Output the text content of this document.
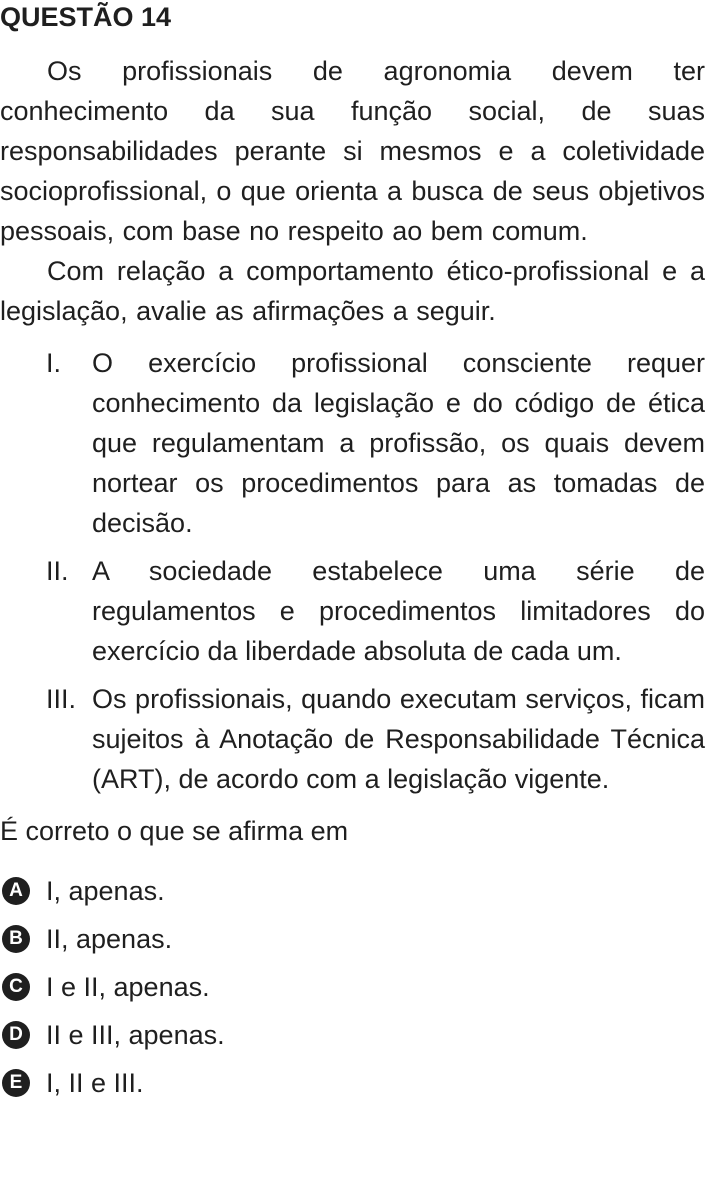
QUESTÃO 14

Os profissionais de agronomia devem ter conhecimento da sua função social, de suas responsabilidades perante si mesmos e a coletividade socioprofissional, o que orienta a busca de seus objetivos pessoais, com base no respeito ao bem comum.

Com relação a comportamento ético-profissional e a legislação, avalie as afirmações a seguir.

I.	O exercício profissional consciente requer conhecimento da legislação e do código de ética que regulamentam a profissão, os quais devem nortear os procedimentos para as tomadas de decisão.
II. A sociedade estabelece uma série de regulamentos e procedimentos limitadores do exercício da liberdade absoluta de cada um.
III. Os profissionais, quando executam serviços, ficam sujeitos à Anotação de Responsabilidade Técnica (ART), de acordo com a legislação vigente.

É correto o que se afirma em

A I, apenas.
B II, apenas.
C I e II, apenas.
D II e III, apenas.
E I, II e III.
